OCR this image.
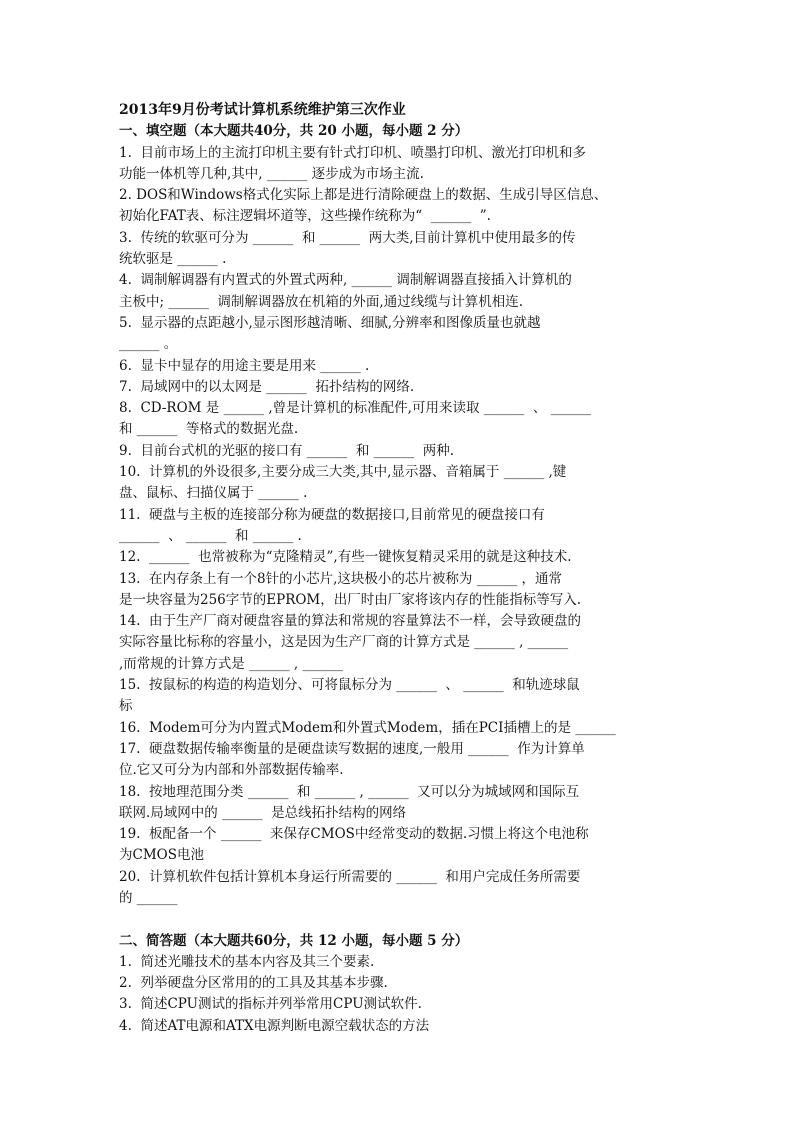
2013年9月份考试计算机系统维护第三次作业
一、填空题（本大题共40分，共 20 小题，每小题 2 分）
1.  目前市场上的主流打印机主要有针式打印机、喷墨打印机、激光打印机和多
功能一体机等几种,其中, ______ 逐步成为市场主流.
2. DOS和Windows格式化实际上都是进行清除硬盘上的数据、生成引导区信息、
初始化FAT表、标注逻辑坏道等，这些操作统称为“  ______  ”.
3.  传统的软驱可分为 ______  和 ______  两大类,目前计算机中使用最多的传
统软驱是 ______ .
4.  调制解调器有内置式的外置式两种, ______ 调制解调器直接插入计算机的
主板中; ______  调制解调器放在机箱的外面,通过线缆与计算机相连.
5.  显示器的点距越小,显示图形越清晰、细腻,分辨率和图像质量也就越
______ 。
6.  显卡中显存的用途主要是用来 ______ .
7.  局域网中的以太网是 ______  拓扑结构的网络.
8.  CD-ROM 是 ______ ,曾是计算机的标准配件,可用来读取 ______  、 ______
和 ______  等格式的数据光盘.
9.  目前台式机的光驱的接口有 ______  和 ______  两种.
10.  计算机的外设很多,主要分成三大类,其中,显示器、音箱属于 ______ ,键
盘、鼠标、扫描仪属于 ______ .
11.  硬盘与主板的连接部分称为硬盘的数据接口,目前常见的硬盘接口有
______  、 ______  和 ______ .
12.  ______  也常被称为“克隆精灵”,有些一键恢复精灵采用的就是这种技术.
13.  在内存条上有一个8针的小芯片,这块极小的芯片被称为 ______ ，通常
是一块容量为256字节的EPROM，出厂时由厂家将该内存的性能指标等写入.
14.  由于生产厂商对硬盘容量的算法和常规的容量算法不一样，会导致硬盘的
实际容量比标称的容量小，这是因为生产厂商的计算方式是 ______ , ______
,而常规的计算方式是 ______ , ______
15.  按鼠标的构造的构造划分、可将鼠标分为 ______  、 ______  和轨迹球鼠
标
16.  Modem可分为内置式Modem和外置式Modem，插在PCI插槽上的是 ______
17.  硬盘数据传输率衡量的是硬盘读写数据的速度,一般用 ______  作为计算单
位.它又可分为内部和外部数据传输率.
18.  按地理范围分类 ______  和 ______ , ______  又可以分为城域网和国际互
联网.局域网中的 ______  是总线拓扑结构的网络
19.  板配备一个 ______  来保存CMOS中经常变动的数据.习惯上将这个电池称
为CMOS电池
20.  计算机软件包括计算机本身运行所需要的 ______  和用户完成任务所需要
的 ______
二、简答题（本大题共60分，共 12 小题，每小题 5 分）
1.  简述光雕技术的基本内容及其三个要素.
2.  列举硬盘分区常用的的工具及其基本步骤.
3.  简述CPU测试的指标并列举常用CPU测试软件.
4.  简述AT电源和ATX电源判断电源空载状态的方法
